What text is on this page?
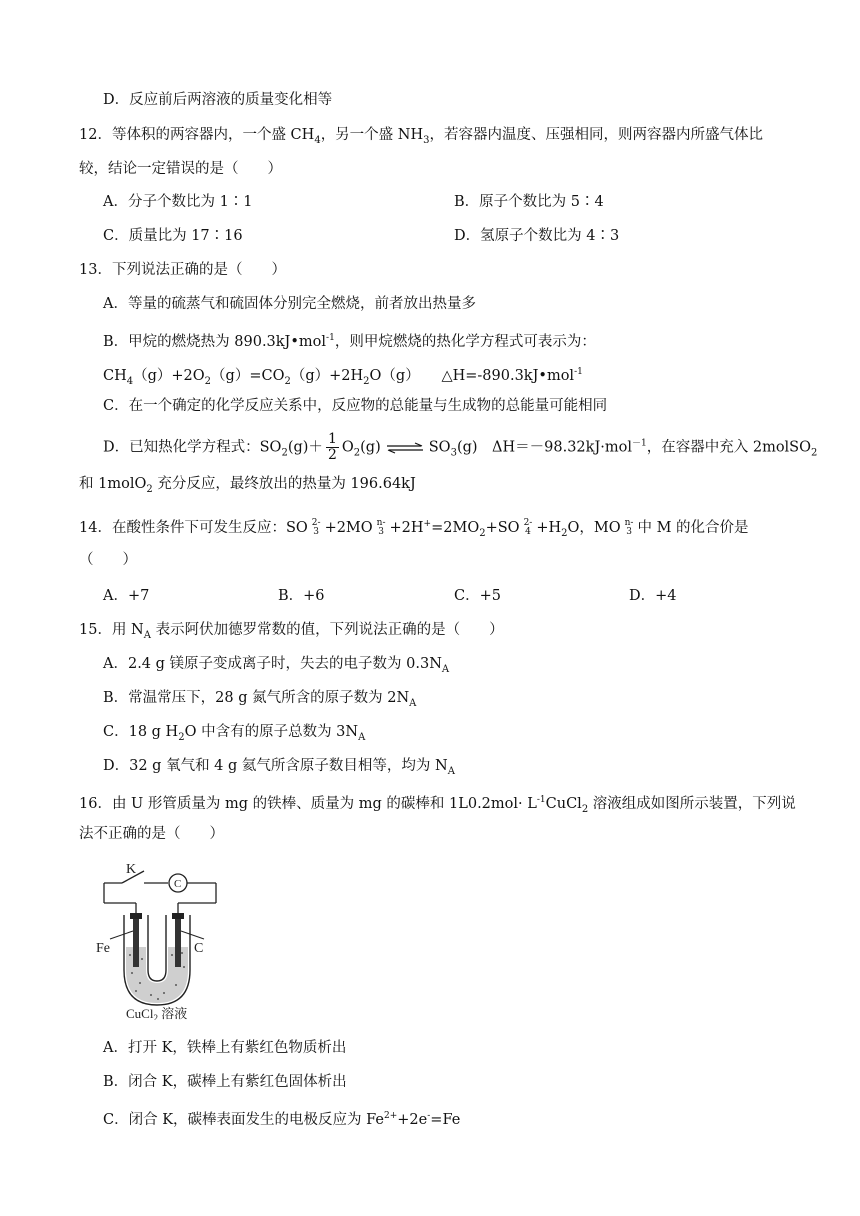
D．反应前后两溶液的质量变化相等
12．等体积的两容器内，一个盛 $CH_4$，另一个盛 $NH_3$，若容器内温度、压强相同，则两容器内所盛气体比
较，结论一定错误的是（　　）
A．分子个数比为 1∶1	B．原子个数比为 5∶4
C．质量比为 17∶16	D．氢原子个数比为 4∶3
13．下列说法正确的是（　　）
A．等量的硫蒸气和硫固体分别完全燃烧，前者放出热量多
B．甲烷的燃烧热为 890.3kJ•mol$^{-1}$，则甲烷燃烧的热化学方程式可表示为：
$CH_4(g)+2O_2(g)=CO_2(g)+2H_2O(g)$　　△H=-890.3kJ•mol$^{-1}$
C．在一个确定的化学反应关系中，反应物的总能量与生成物的总能量可能相同
D．已知热化学方程式：$SO_2(g)+ \frac{1}{2} O_2(g)$ ⇌ $SO_3(g)$　ΔH＝－98.32kJ·mol$^{-1}$，在容器中充入 2molSO$_2$
和 1molO$_2$ 充分反应，最终放出的热量为 196.64kJ
14．在酸性条件下可发生反应：SO 2-
3 +2MO n-
$3 +2H^+=2MO_2+SO$ 2-
$4 +H_2O$，MO n-
3 中 M 的化合价是
（　　）
A．+7	B．+6	C．+5	D．+4
15．用 $N_A$ 表示阿伏加德罗常数的值，下列说法正确的是（　　）
A．2.4 g 镁原子变成离子时，失去的电子数为 $0.3N_A$
B．常温常压下，28 g 氮气所含的原子数为 $2N_A$
C．18 g $H_2O$ 中含有的原子总数为 $3N_A$
D．32 g 氧气和 4 g 氦气所含原子数目相等，均为 $N_A$
16．由 U 形管质量为 mg 的铁棒、质量为 mg 的碳棒和 $1L0.2mol\cdot L^{-1}CuCl_2$ 溶液组成如图所示装置，下列说
法不正确的是（　　）
K
C
Fe	C
CuCl$_2$ 溶液
A．打开 K，铁棒上有紫红色物质析出
B．闭合 K，碳棒上有紫红色固体析出
C．闭合 K，碳棒表面发生的电极反应为 $Fe^{2+}+2e^-=Fe$
